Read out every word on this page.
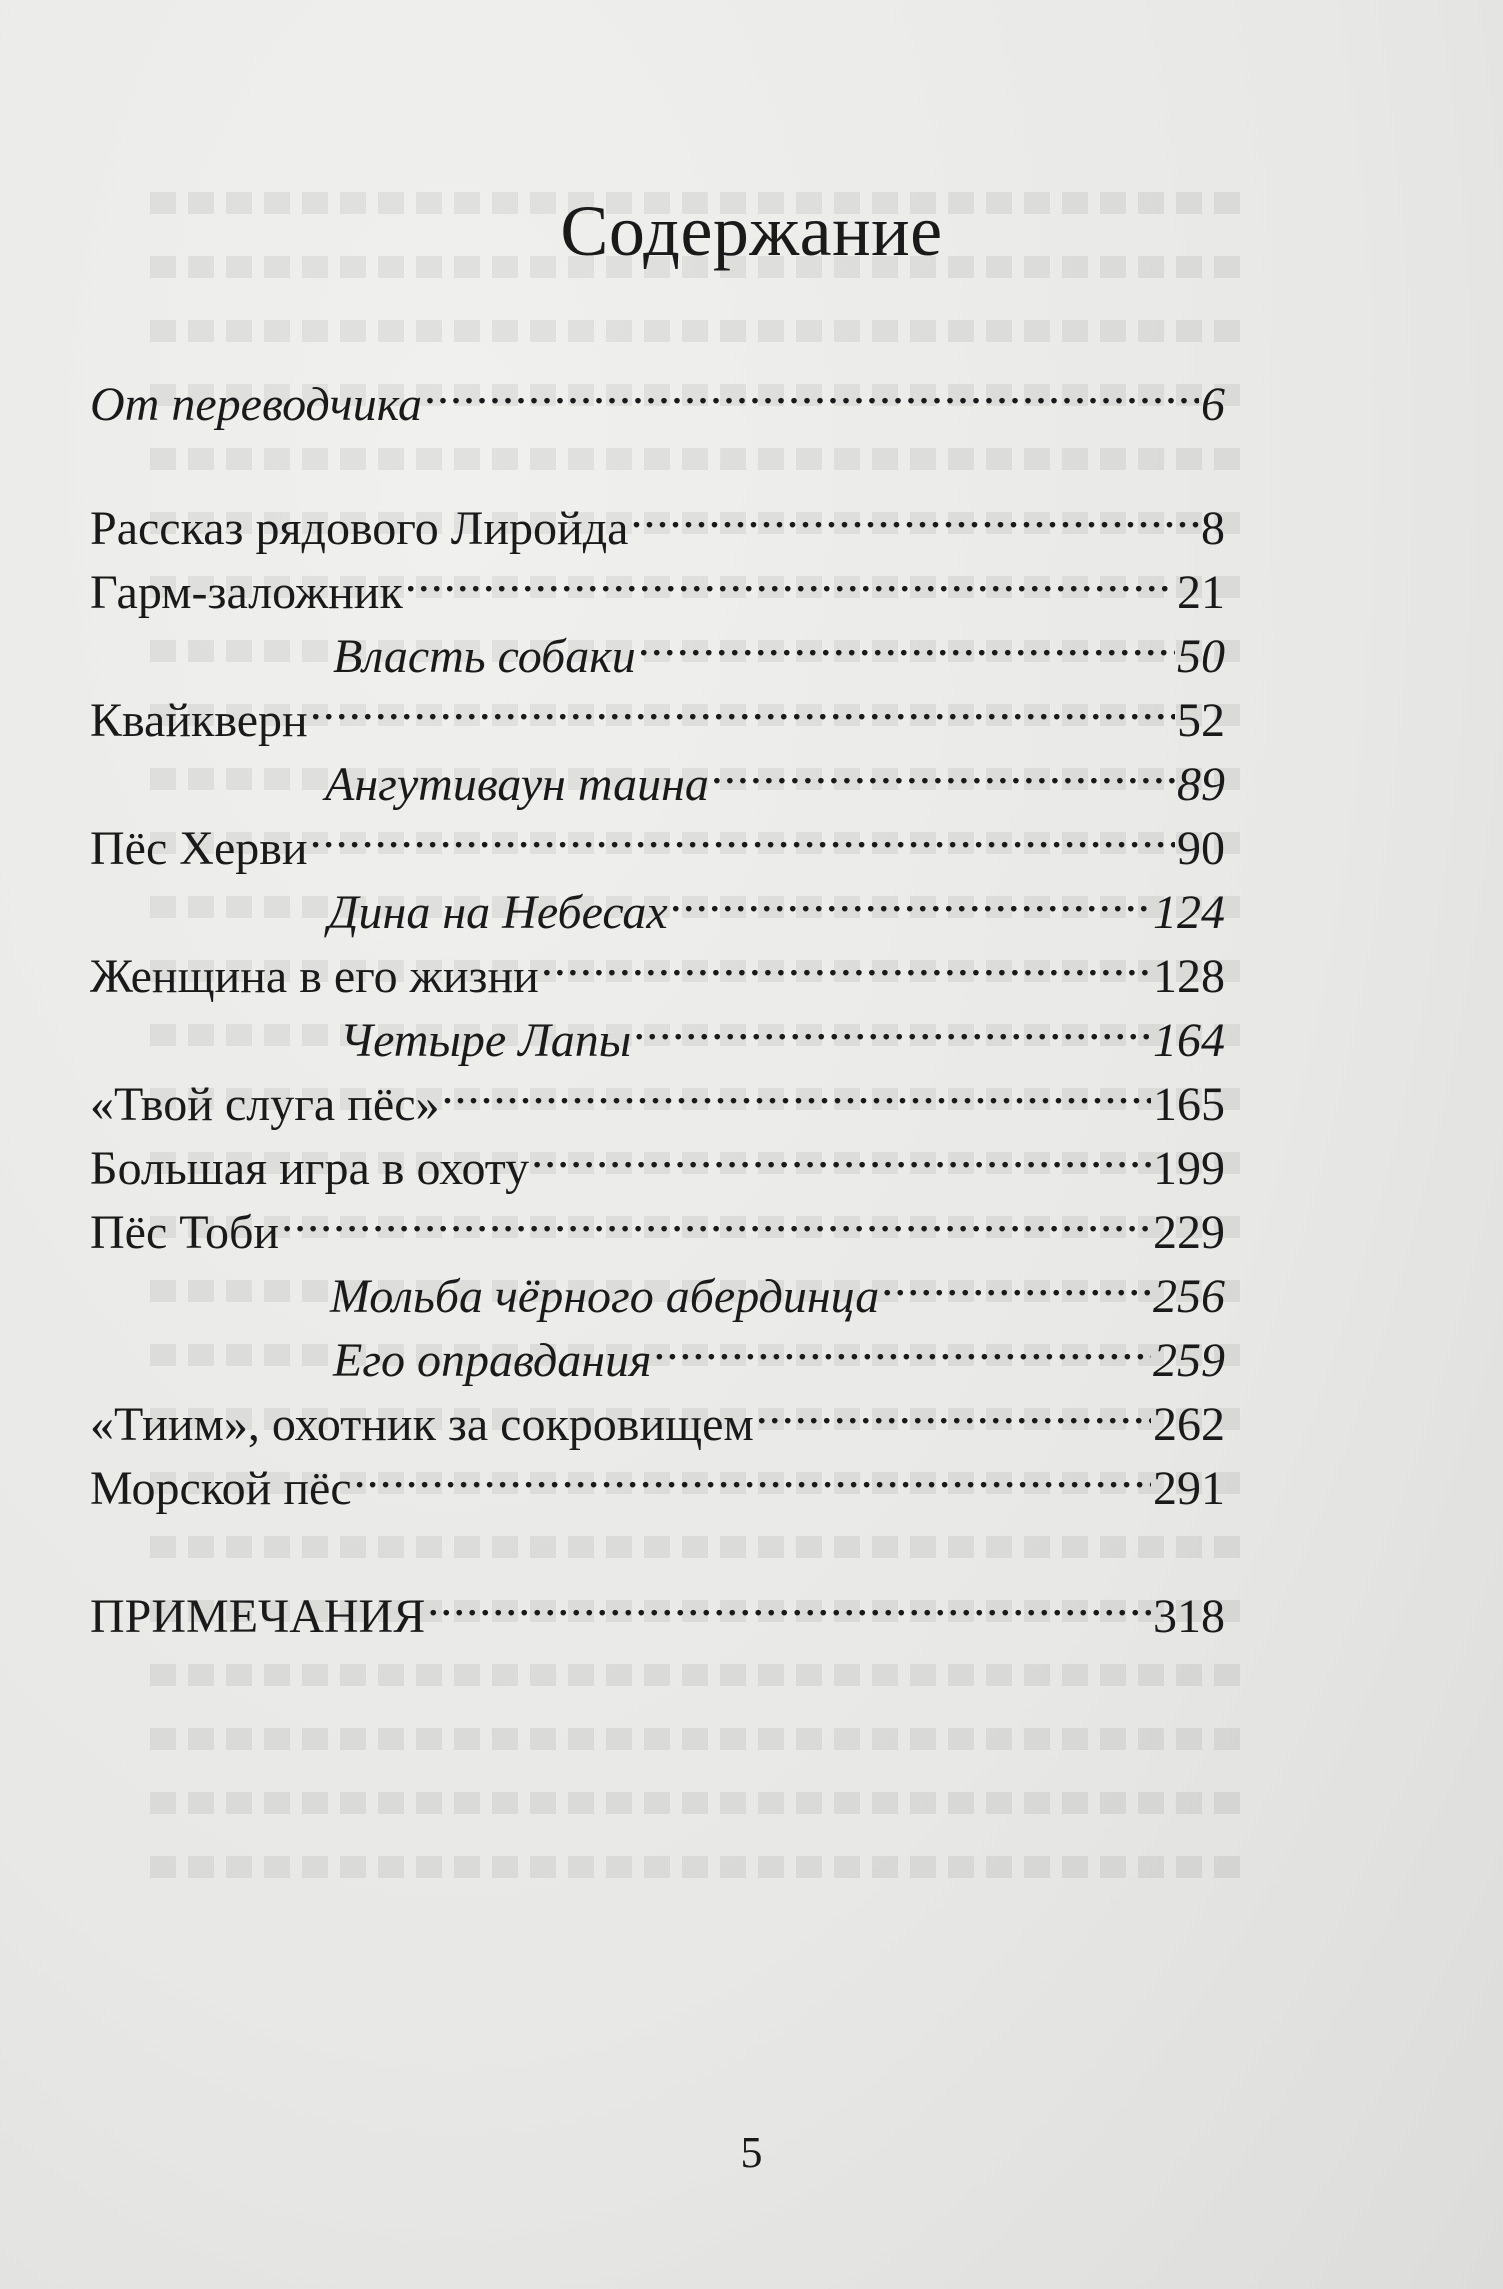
Содержание
От переводчика .....	6
Рассказ рядового Лиройда .....	8
Гарм-заложник .....	21
Власть собаки .....	50
Квайкверн .....	52
Ангутиваун таина .....	89
Пёс Херви .....	90
Дина на Небесах .....	124
Женщина в его жизни .....	128
Четыре Лапы .....	164
«Твой слуга пёс» .....	165
Большая игра в охоту .....	199
Пёс Тоби .....	229
Мольба чёрного абердинца .....	256
Его оправдания .....	259
«Тиим», охотник за сокровищем .....	262
Морской пёс .....	291
ПРИМЕЧАНИЯ .....	318
5
